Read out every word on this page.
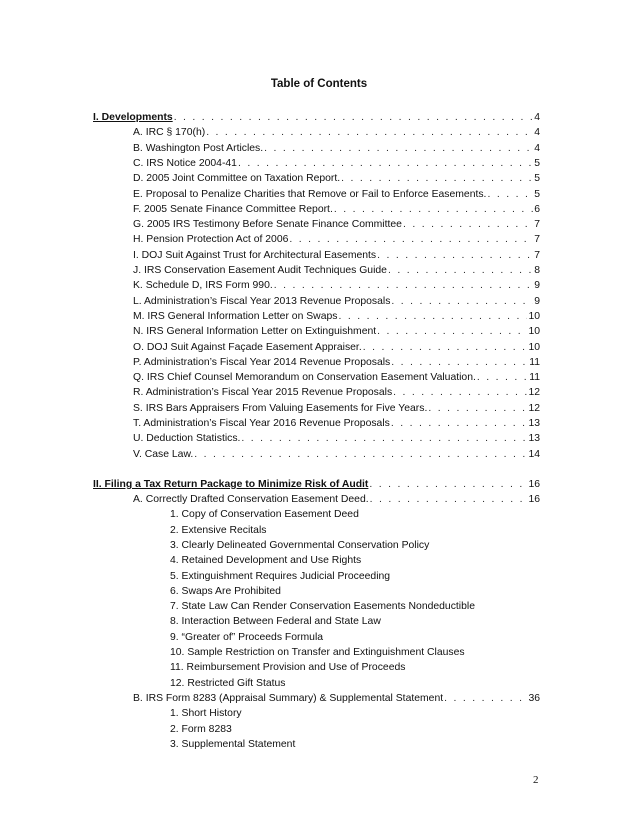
Table of Contents
I. Developments . . .	4
A. IRC § 170(h) . . .	4
B. Washington Post Articles. . . .	4
C. IRS Notice 2004-41 . . .	5
D. 2005 Joint Committee on Taxation Report. . . .	5
E. Proposal to Penalize Charities that Remove or Fail to Enforce Easements. . . .	5
F. 2005 Senate Finance Committee Report. . . .	6
G. 2005 IRS Testimony Before Senate Finance Committee . . .	7
H. Pension Protection Act of 2006 . . .	7
I. DOJ Suit Against Trust for Architectural Easements . . .	7
J. IRS Conservation Easement Audit Techniques Guide . . .	8
K. Schedule D, IRS Form 990. . . .	9
L. Administration’s Fiscal Year 2013 Revenue Proposals . . .	9
M. IRS General Information Letter on Swaps . . .	10
N. IRS General Information Letter on Extinguishment . . .	10
O. DOJ Suit Against Façade Easement Appraiser. . . .	10
P. Administration’s Fiscal Year 2014 Revenue Proposals . . .	11
Q. IRS Chief Counsel Memorandum on Conservation Easement Valuation. . . .	11
R. Administration’s Fiscal Year 2015 Revenue Proposals . . .	12
S. IRS Bars Appraisers From Valuing Easements for Five Years. . . .	12
T. Administration’s Fiscal Year 2016 Revenue Proposals . . .	13
U. Deduction Statistics. . . .	13
V. Case Law. . . .	14
II. Filing a Tax Return Package to Minimize Risk of Audit . . .	16
A. Correctly Drafted Conservation Easement Deed. . . .	16
1. Copy of Conservation Easement Deed
2. Extensive Recitals
3. Clearly Delineated Governmental Conservation Policy
4. Retained Development and Use Rights
5. Extinguishment Requires Judicial Proceeding
6. Swaps Are Prohibited
7. State Law Can Render Conservation Easements Nondeductible
8. Interaction Between Federal and State Law
9. “Greater of” Proceeds Formula
10. Sample Restriction on Transfer and Extinguishment Clauses
11. Reimbursement Provision and Use of Proceeds
12. Restricted Gift Status
B. IRS Form 8283 (Appraisal Summary) & Supplemental Statement . . .	36
1. Short History
2. Form 8283
3. Supplemental Statement
2
